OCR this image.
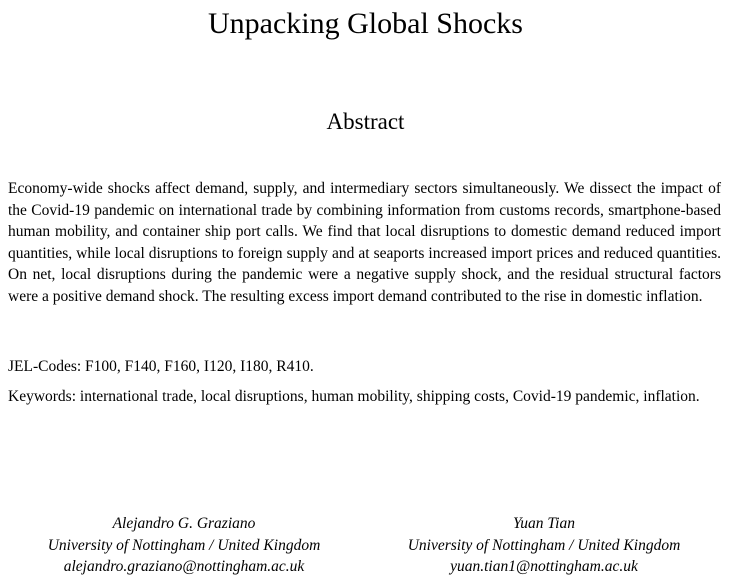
Unpacking Global Shocks
Abstract

Economy-wide shocks affect demand, supply, and intermediary sectors simultaneously. We dissect the impact of the Covid-19 pandemic on international trade by combining information from customs records, smartphone-based human mobility, and container ship port calls. We find that local disruptions to domestic demand reduced import quantities, while local disruptions to foreign supply and at seaports increased import prices and reduced quantities. On net, local disruptions during the pandemic were a negative supply shock, and the residual structural factors were a positive demand shock. The resulting excess import demand contributed to the rise in domestic inflation.

JEL-Codes: F100, F140, F160, I120, I180, R410.

Keywords: international trade, local disruptions, human mobility, shipping costs, Covid-19 pandemic, inflation.

Alejandro G. Graziano
University of Nottingham / United Kingdom
alejandro.graziano@nottingham.ac.uk
Yuan Tian
University of Nottingham / United Kingdom
yuan.tian1@nottingham.ac.uk
